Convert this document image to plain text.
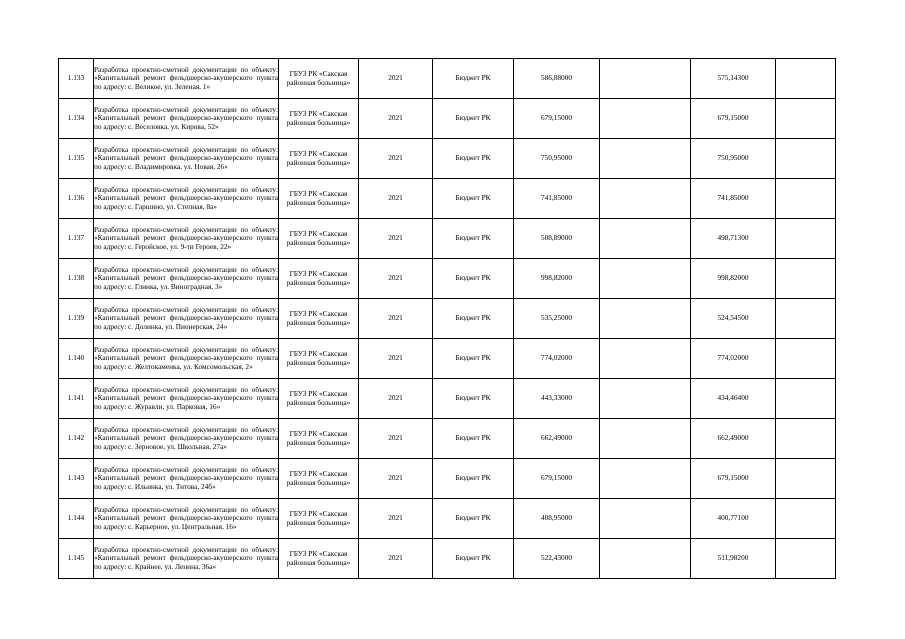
1.133	Разработка проектно-сметной документации по объекту: «Капитальный ремонт фельдшерско-акушерского пункта по адресу: с. Великое, ул. Зеленая, 1»	ГБУЗ РК «Сакская районная больница»	2021	Бюджет РК	586,88000		575,14300	
1.134	Разработка проектно-сметной документации по объекту: «Капитальный ремонт фельдшерско-акушерского пункта по адресу: с. Веселовка, ул. Кирова, 52»	ГБУЗ РК «Сакская районная больница»	2021	Бюджет РК	679,15000		679,15000	
1.135	Разработка проектно-сметной документации по объекту: «Капитальный ремонт фельдшерско-акушерского пункта по адресу: с. Владимировка, ул. Новая, 26»	ГБУЗ РК «Сакская районная больница»	2021	Бюджет РК	750,95000		750,95000	
1.136	Разработка проектно-сметной документации по объекту: «Капитальный ремонт фельдшерско-акушерского пункта по адресу: с. Гаршино, ул. Степная, 8а»	ГБУЗ РК «Сакская районная больница»	2021	Бюджет РК	741,85000		741,85000	
1.137	Разработка проектно-сметной документации по объекту: «Капитальный ремонт фельдшерско-акушерского пункта по адресу: с. Геройское, ул. 9-ти Героев, 22»	ГБУЗ РК «Сакская районная больница»	2021	Бюджет РК	508,89000		498,71300	
1.138	Разработка проектно-сметной документации по объекту: «Капитальный ремонт фельдшерско-акушерского пункта по адресу: с. Глинка, ул. Виноградная, 3»	ГБУЗ РК «Сакская районная больница»	2021	Бюджет РК	998,82000		998,82000	
1.139	Разработка проектно-сметной документации по объекту: «Капитальный ремонт фельдшерско-акушерского пункта по адресу: с. Долинка, ул. Пионерская, 24»	ГБУЗ РК «Сакская районная больница»	2021	Бюджет РК	535,25000		524,54500	
1.140	Разработка проектно-сметной документации по объекту: «Капитальный ремонт фельдшерско-акушерского пункта по адресу: с. Желтокаменка, ул. Комсомольская, 2»	ГБУЗ РК «Сакская районная больница»	2021	Бюджет РК	774,02000		774,02000	
1.141	Разработка проектно-сметной документации по объекту: «Капитальный ремонт фельдшерско-акушерского пункта по адресу: с. Журавли, ул. Парковая, 16»	ГБУЗ РК «Сакская районная больница»	2021	Бюджет РК	443,33000		434,46400	
1.142	Разработка проектно-сметной документации по объекту: «Капитальный ремонт фельдшерско-акушерского пункта по адресу: с. Зерновое, ул. Школьная, 27а»	ГБУЗ РК «Сакская районная больница»	2021	Бюджет РК	662,49000		662,49000	
1.143	Разработка проектно-сметной документации по объекту: «Капитальный ремонт фельдшерско-акушерского пункта по адресу: с. Ильинка, ул. Титова, 24б»	ГБУЗ РК «Сакская районная больница»	2021	Бюджет РК	679,15000		679,15000	
1.144	Разработка проектно-сметной документации по объекту: «Капитальный ремонт фельдшерско-акушерского пункта по адресу: с. Карьерное, ул. Центральная, 16»	ГБУЗ РК «Сакская районная больница»	2021	Бюджет РК	408,95000		400,77100	
1.145	Разработка проектно-сметной документации по объекту: «Капитальный ремонт фельдшерско-акушерского пункта по адресу: с. Крайнее, ул. Ленина, 36а»	ГБУЗ РК «Сакская районная больница»	2021	Бюджет РК	522,43000		511,98200	
